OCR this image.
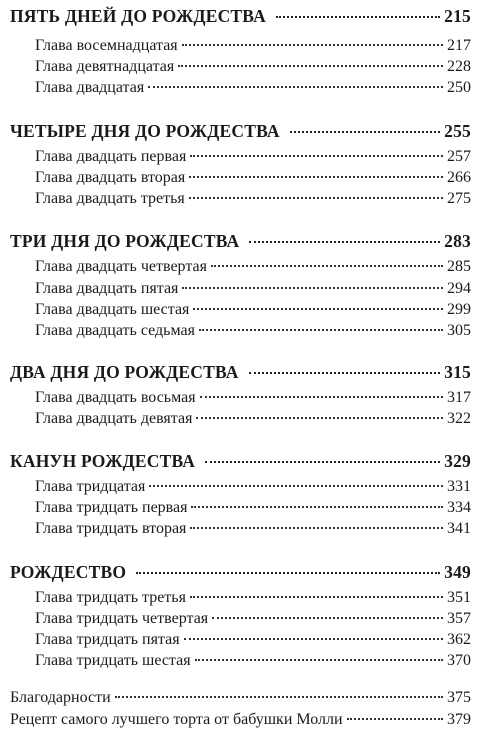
ПЯТЬ ДНЕЙ ДО РОЖДЕСТВА	215
Глава восемнадцатая	217
Глава девятнадцатая	228
Глава двадцатая	250
ЧЕТЫРЕ ДНЯ ДО РОЖДЕСТВА	255
Глава двадцать первая	257
Глава двадцать вторая	266
Глава двадцать третья	275
ТРИ ДНЯ ДО РОЖДЕСТВА	283
Глава двадцать четвертая	285
Глава двадцать пятая	294
Глава двадцать шестая	299
Глава двадцать седьмая	305
ДВА ДНЯ ДО РОЖДЕСТВА	315
Глава двадцать восьмая	317
Глава двадцать девятая	322
КАНУН РОЖДЕСТВА	329
Глава тридцатая	331
Глава тридцать первая	334
Глава тридцать вторая	341
РОЖДЕСТВО	349
Глава тридцать третья	351
Глава тридцать четвертая	357
Глава тридцать пятая	362
Глава тридцать шестая	370
Благодарности	375
Рецепт самого лучшего торта от бабушки Молли	379
